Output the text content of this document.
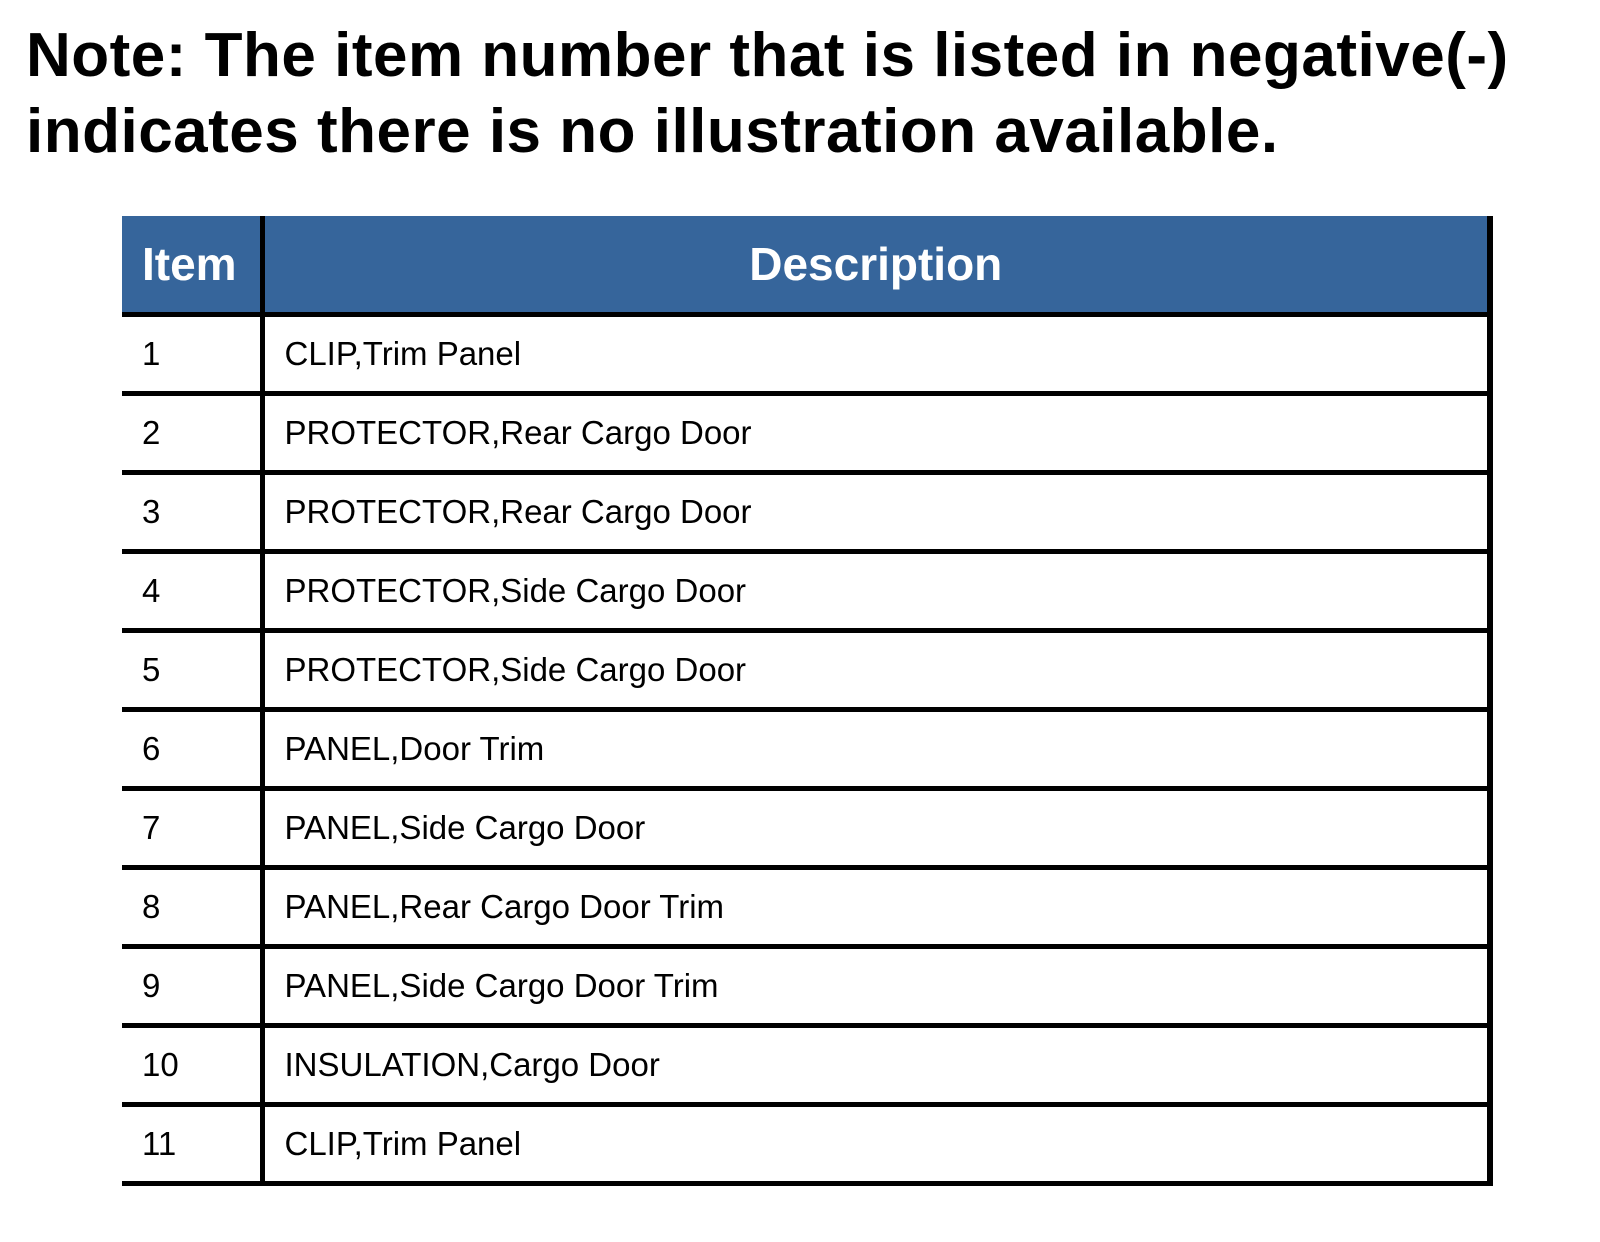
Note: The item number that is listed in negative(-)
indicates there is no illustration available.
Item	Description
1	CLIP,Trim Panel
2	PROTECTOR,Rear Cargo Door
3	PROTECTOR,Rear Cargo Door
4	PROTECTOR,Side Cargo Door
5	PROTECTOR,Side Cargo Door
6	PANEL,Door Trim
7	PANEL,Side Cargo Door
8	PANEL,Rear Cargo Door Trim
9	PANEL,Side Cargo Door Trim
10	INSULATION,Cargo Door
11	CLIP,Trim Panel
